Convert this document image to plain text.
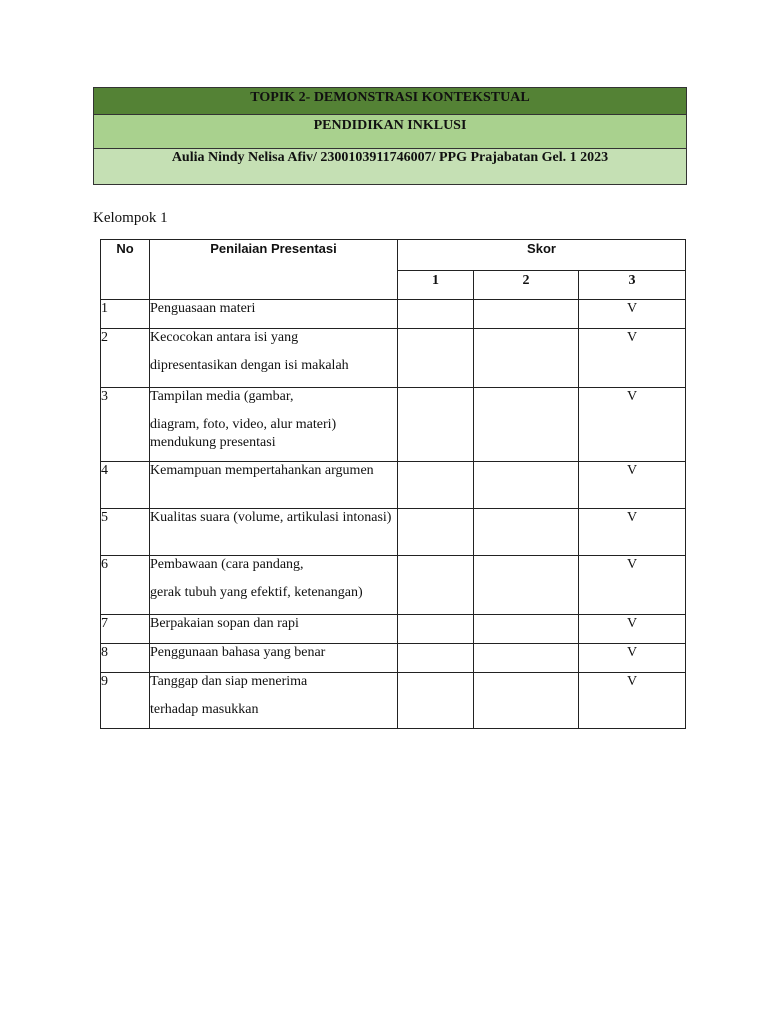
TOPIK 2- DEMONSTRASI KONTEKSTUAL
PENDIDIKAN INKLUSI
Aulia Nindy Nelisa Afiv/ 2300103911746007/ PPG Prajabatan Gel. 1 2023
Kelompok 1
No	Penilaian Presentasi	Skor		
		1	2	3
1	Penguasaan materi			V
2	Kecocokan antara isi yang
dipresentasikan dengan isi makalah			V
3	Tampilan media (gambar,
diagram, foto, video, alur materi) mendukung presentasi			V
4	Kemampuan mempertahankan argumen			V
5	Kualitas suara (volume, artikulasi intonasi)			V
6	Pembawaan (cara pandang,
gerak tubuh yang efektif, ketenangan)			V
7	Berpakaian sopan dan rapi			V
8	Penggunaan bahasa yang benar			V
9	Tanggap dan siap menerima
terhadap masukkan			V
